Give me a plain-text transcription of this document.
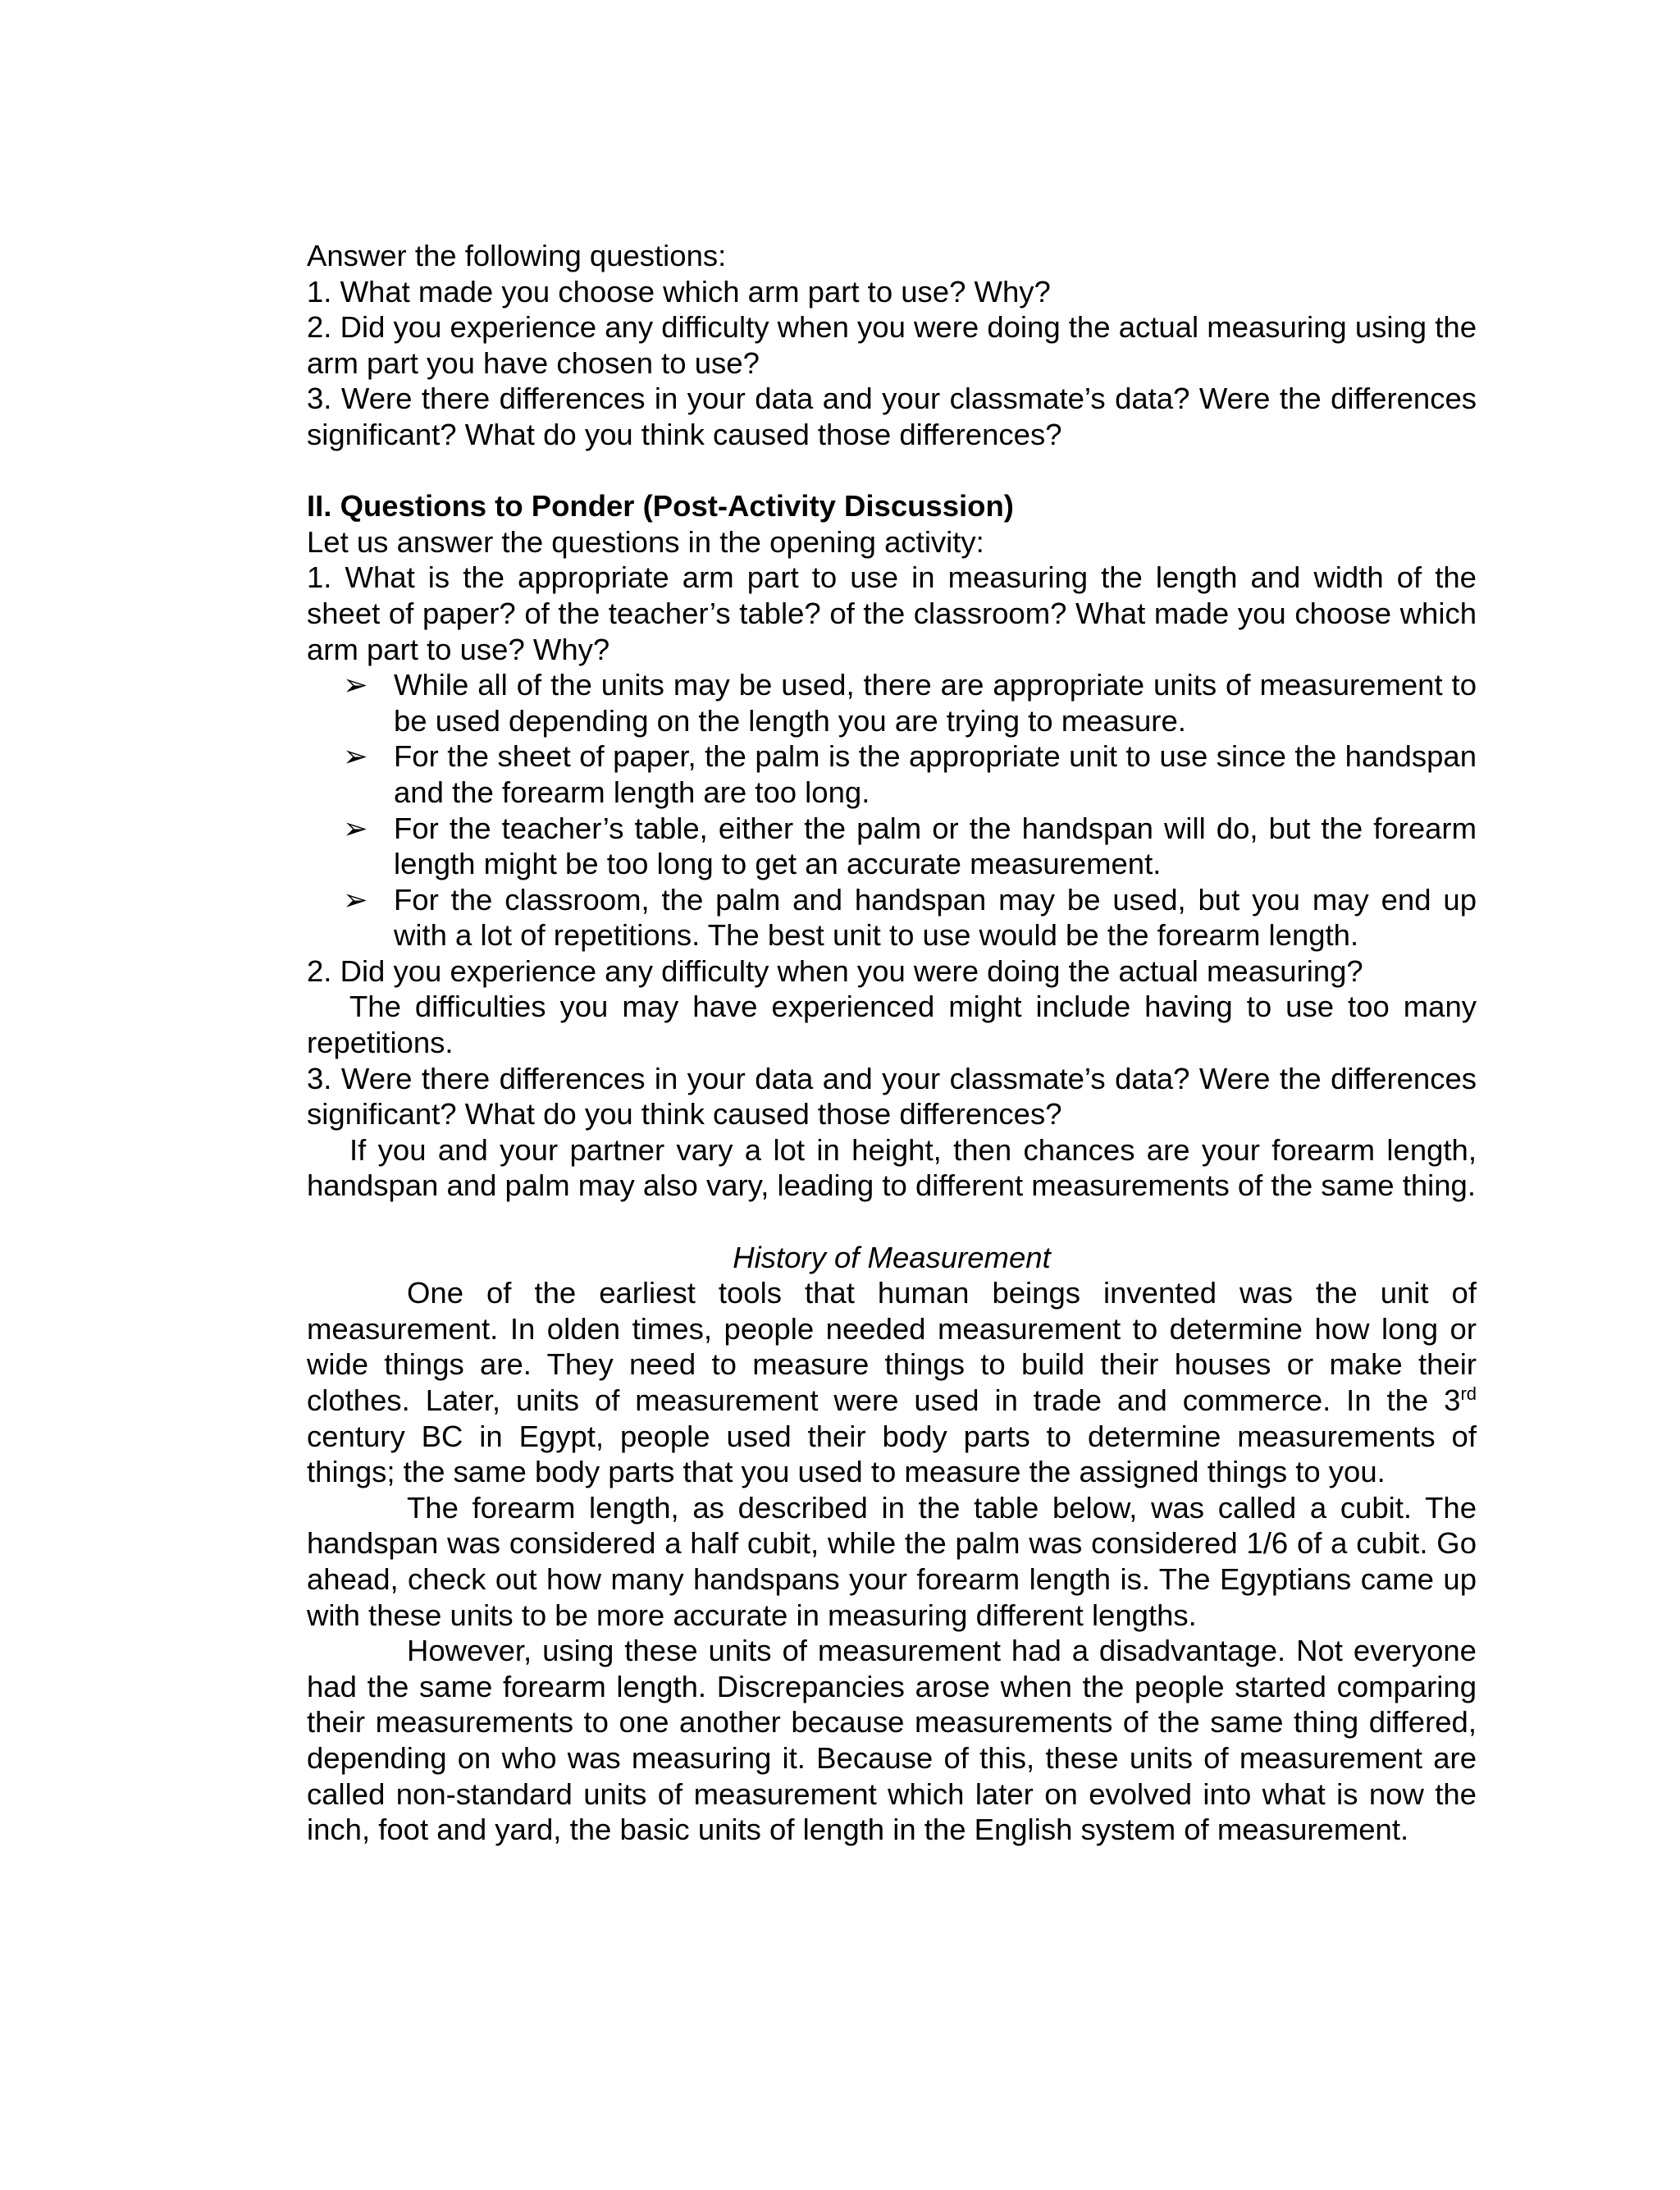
Answer the following questions:

1. What made you choose which arm part to use? Why?

2. Did you experience any difficulty when you were doing the actual measuring using the arm part you have chosen to use?

3. Were there differences in your data and your classmate’s data? Were the differences significant? What do you think caused those differences?

II. Questions to Ponder (Post-Activity Discussion)

Let us answer the questions in the opening activity:

1. What is the appropriate arm part to use in measuring the length and width of the sheet of paper? of the teacher’s table? of the classroom? What made you choose which arm part to use? Why?

➢ While all of the units may be used, there are appropriate units of measurement to be used depending on the length you are trying to measure.
➢ For the sheet of paper, the palm is the appropriate unit to use since the handspan and the forearm length are too long.
➢ For the teacher’s table, either the palm or the handspan will do, but the forearm length might be too long to get an accurate measurement.
➢ For the classroom, the palm and handspan may be used, but you may end up with a lot of repetitions. The best unit to use would be the forearm length.

2. Did you experience any difficulty when you were doing the actual measuring?

The difficulties you may have experienced might include having to use too many repetitions.

3. Were there differences in your data and your classmate’s data? Were the differences significant? What do you think caused those differences?

If you and your partner vary a lot in height, then chances are your forearm length, handspan and palm may also vary, leading to different measurements of the same thing.

History of Measurement

One of the earliest tools that human beings invented was the unit of measurement. In olden times, people needed measurement to determine how long or wide things are. They need to measure things to build their houses or make their clothes. Later, units of measurement were used in trade and commerce. In the 3rd century BC in Egypt, people used their body parts to determine measurements of things; the same body parts that you used to measure the assigned things to you.

The forearm length, as described in the table below, was called a cubit. The handspan was considered a half cubit, while the palm was considered 1/6 of a cubit. Go ahead, check out how many handspans your forearm length is. The Egyptians came up with these units to be more accurate in measuring different lengths.

However, using these units of measurement had a disadvantage. Not everyone had the same forearm length. Discrepancies arose when the people started comparing their measurements to one another because measurements of the same thing differed, depending on who was measuring it. Because of this, these units of measurement are called non-standard units of measurement which later on evolved into what is now the inch, foot and yard, the basic units of length in the English system of measurement.
